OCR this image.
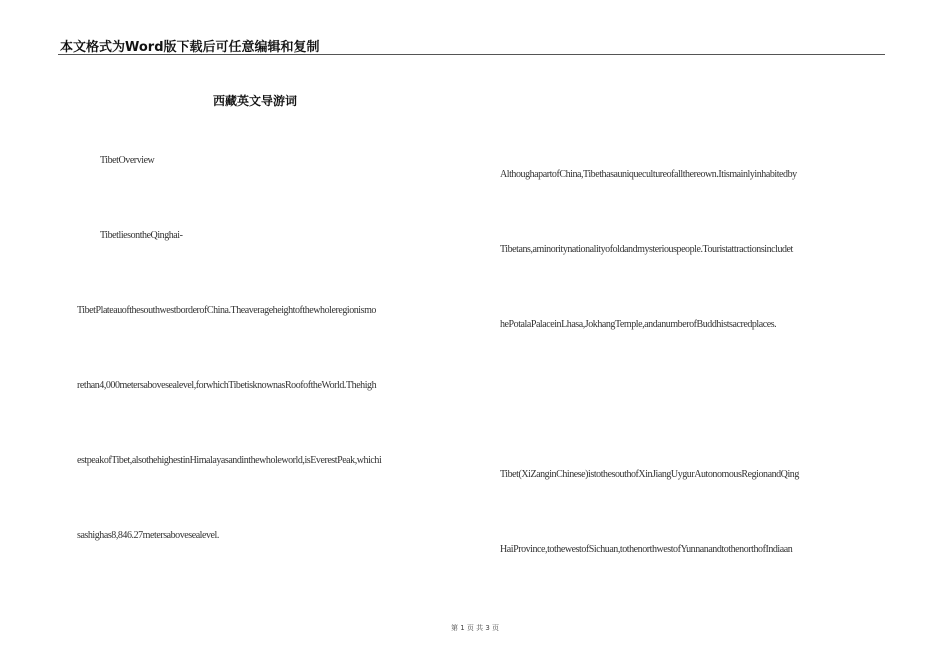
本文格式为Word版下载后可任意编辑和复制
西藏英文导游词
TibetOverview
TibetliesontheQinghai-
TibetPlateauofthesouthwestborderofChina.Theaverageheightofthewholeregionismo
rethan4,000metersabovesealevel,forwhichTibetisknownasRoofoftheWorld.Thehigh
estpeakofTibet,alsothehighestinHimalayasandinthewholeworld,isEverestPeak,whichi
sashighas8,846.27metersabovesealevel.
AlthoughapartofChina,Tibethasauniquecultureofallthereown.Itismainlyinhabitedby
Tibetans,aminoritynationalityofoldandmysteriouspeople.Touristattractionsincludet
hePotalaPalaceinLhasa,JokhangTemple,andanumberofBuddhistsacredplaces.
Tibet(XiZanginChinese)istothesouthofXinJiangUygurAutonomousRegionandQing
HaiProvince,tothewestofSichuan,tothenorthwestofYunnanandtothenorthofIndiaan
第 1 页 共 3 页
